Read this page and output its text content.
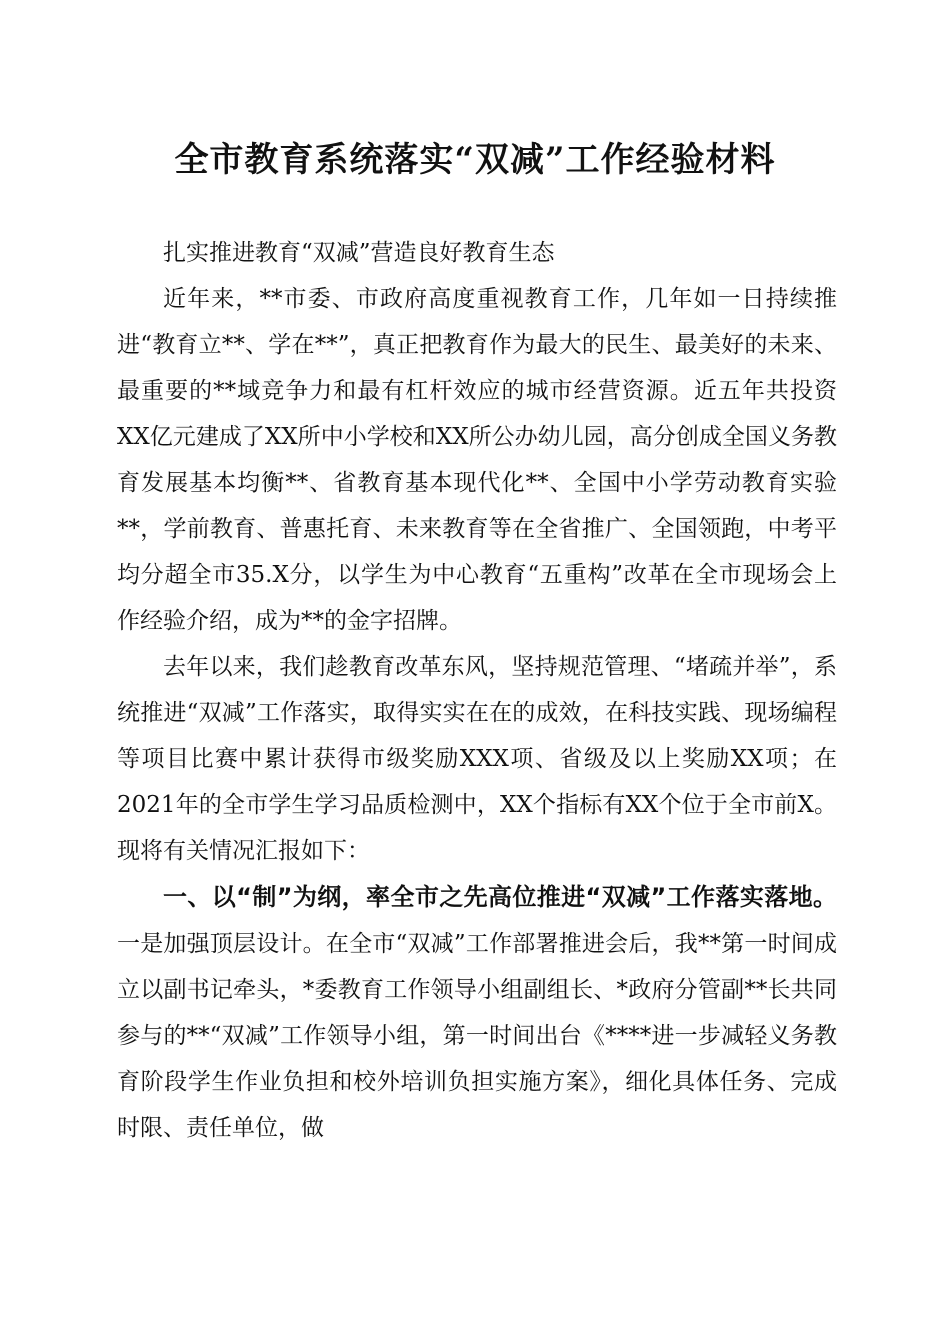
全市教育系统落实“双减”工作经验材料

扎实推进教育“双减”营造良好教育生态

近年来，**市委、市政府高度重视教育工作，几年如一日持续推进“教育立**、学在**”，真正把教育作为最大的民生、最美好的未来、最重要的**域竞争力和最有杠杆效应的城市经营资源。近五年共投资XX亿元建成了XX所中小学校和XX所公办幼儿园，高分创成全国义务教育发展基本均衡**、省教育基本现代化**、全国中小学劳动教育实验**，学前教育、普惠托育、未来教育等在全省推广、全国领跑，中考平均分超全市35.X分，以学生为中心教育“五重构”改革在全市现场会上作经验介绍，成为**的金字招牌。

去年以来，我们趁教育改革东风，坚持规范管理、“堵疏并举”，系统推进“双减”工作落实，取得实实在在的成效，在科技实践、现场编程等项目比赛中累计获得市级奖励XXX项、省级及以上奖励XX项；在2021年的全市学生学习品质检测中，XX个指标有XX个位于全市前X。现将有关情况汇报如下：

一、以“制”为纲，率全市之先高位推进“双减”工作落实落地。一是加强顶层设计。在全市“双减”工作部署推进会后，我**第一时间成立以副书记牵头，*委教育工作领导小组副组长、*政府分管副**长共同参与的**“双减”工作领导小组，第一时间出台《****进一步减轻义务教育阶段学生作业负担和校外培训负担实施方案》，细化具体任务、完成时限、责任单位，做
